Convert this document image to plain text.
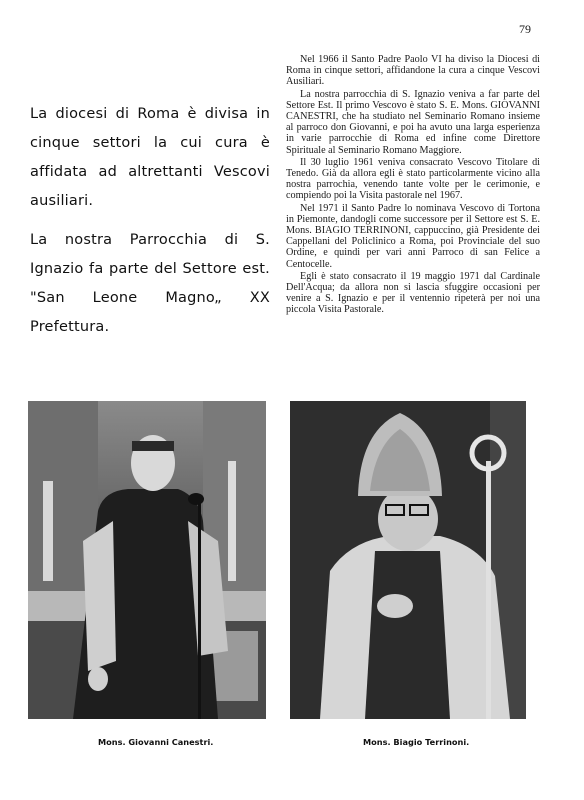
79

La diocesi di Roma è divisa in cinque settori la cui cura è affidata ad altrettanti Vescovi ausiliari.

La nostra Parrocchia di S. Ignazio fa parte del Settore est. "San Leone Magno„ XX Prefettura.

Nel 1966 il Santo Padre Paolo VI ha diviso la Diocesi di Roma in cinque settori, affidandone la cura a cinque Vescovi Ausiliari.

La nostra parrocchia di S. Ignazio veniva a far parte del Settore Est. Il primo Vescovo è stato S. E. Mons. GIOVANNI CANESTRI, che ha studiato nel Seminario Romano insieme al parroco don Giovanni, e poi ha avuto una larga esperienza in varie parrocchie di Roma ed infine come Direttore Spirituale al Seminario Romano Maggiore.

Il 30 luglio 1961 veniva consacrato Vescovo Titolare di Tenedo. Già da allora egli è stato particolarmente vicino alla nostra parrochia, venendo tante volte per le cerimonie, e compiendo poi la Visita pastorale nel 1967.

Nel 1971 il Santo Padre lo nominava Vescovo di Tortona in Piemonte, dandogli come successore per il Settore est S. E. Mons. BIAGIO TERRINONI, cappuccino, già Presidente dei Cappellani del Policlinico a Roma, poi Provinciale del suo Ordine, e quindi per vari anni Parroco di san Felice a Centocelle.

Egli è stato consacrato il 19 maggio 1971 dal Cardinale Dell'Acqua; da allora non si lascia sfuggire occasioni per venire a S. Ignazio e per il ventennio ripeterà per noi una piccola Visita Pastorale.

Mons. Giovanni Canestri.	Mons. Biagio Terrinoni.
